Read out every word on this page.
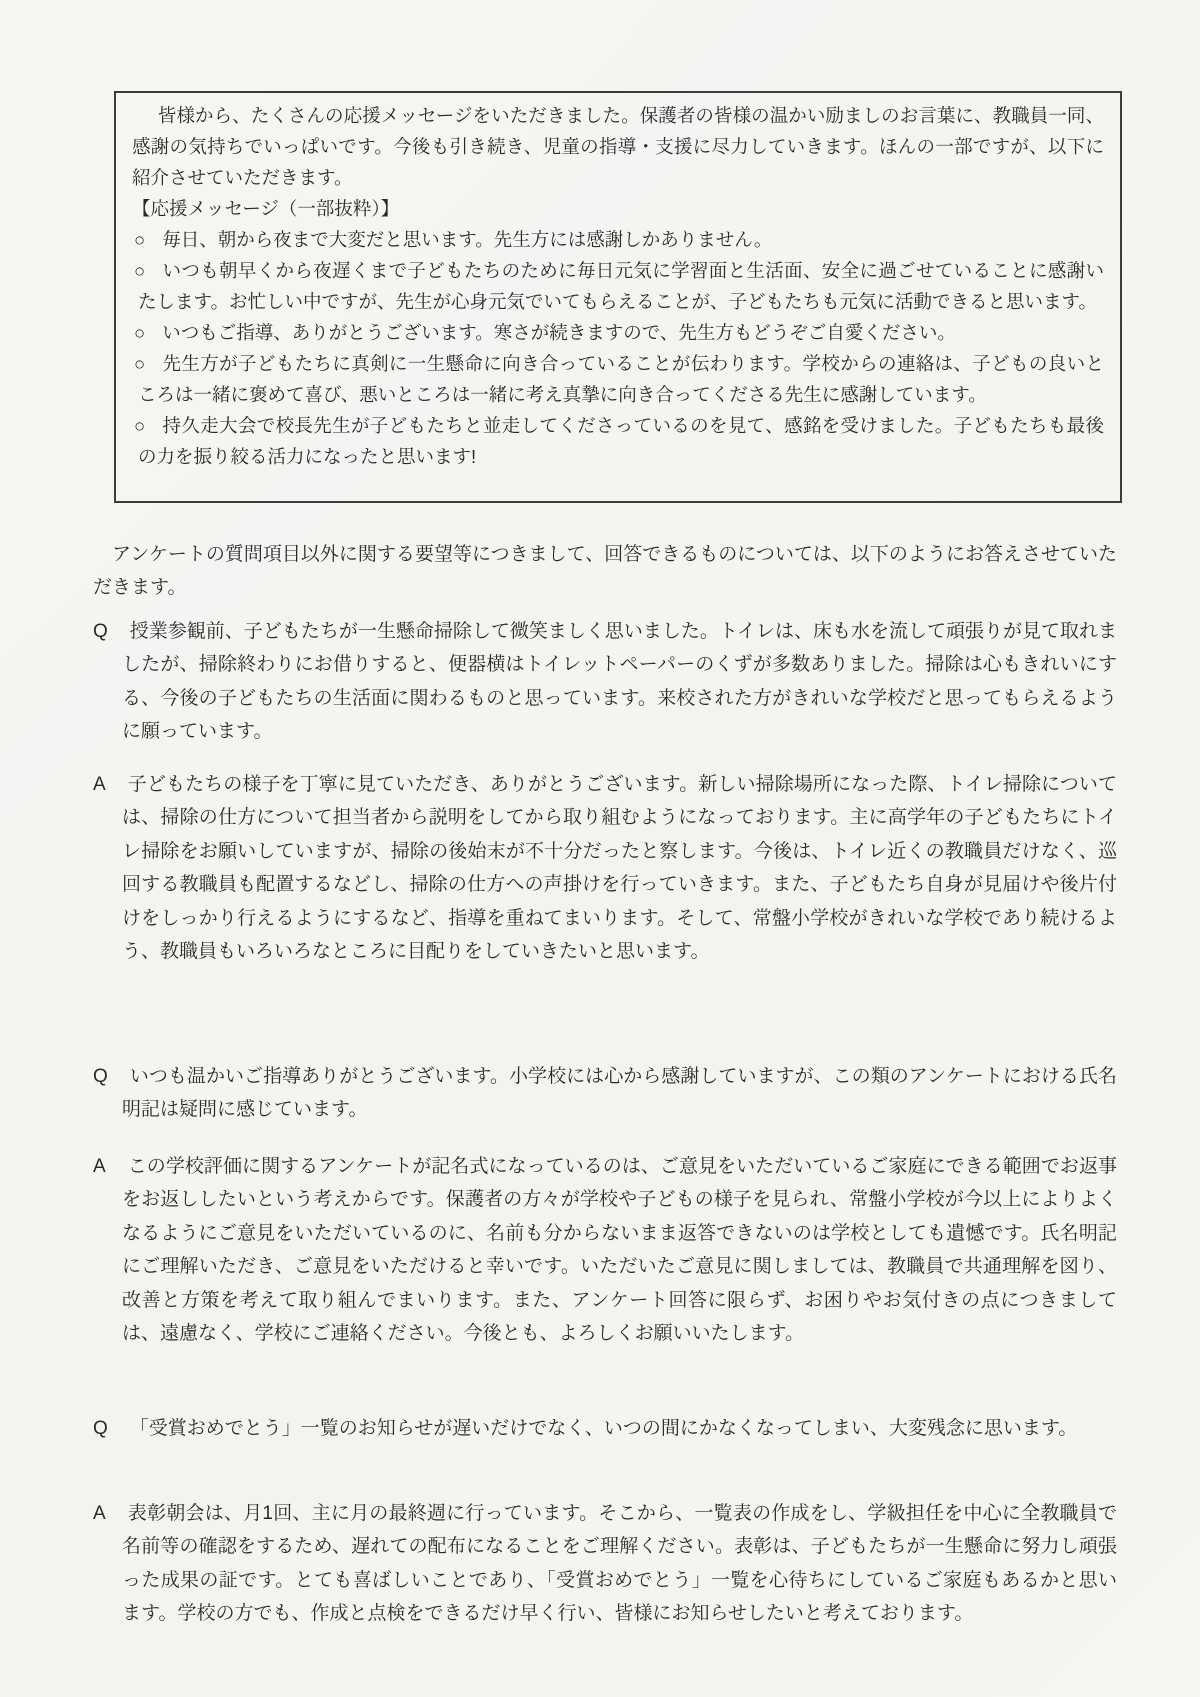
皆様から、たくさんの応援メッセージをいただきました。保護者の皆様の温かい励ましのお言葉に、教職員一同、感謝の気持ちでいっぱいです。今後も引き続き、児童の指導・支援に尽力していきます。ほんの一部ですが、以下に紹介させていただきます。

【応援メッセージ（一部抜粋）】

○ 毎日、朝から夜まで大変だと思います。先生方には感謝しかありません。

○ いつも朝早くから夜遅くまで子どもたちのために毎日元気に学習面と生活面、安全に過ごせていることに感謝いたします。お忙しい中ですが、先生が心身元気でいてもらえることが、子どもたちも元気に活動できると思います。

○ いつもご指導、ありがとうございます。寒さが続きますので、先生方もどうぞご自愛ください。

○ 先生方が子どもたちに真剣に一生懸命に向き合っていることが伝わります。学校からの連絡は、子どもの良いところは一緒に褒めて喜び、悪いところは一緒に考え真摯に向き合ってくださる先生に感謝しています。

○ 持久走大会で校長先生が子どもたちと並走してくださっているのを見て、感銘を受けました。子どもたちも最後の力を振り絞る活力になったと思います!

アンケートの質問項目以外に関する要望等につきまして、回答できるものについては、以下のようにお答えさせていただきます。

Q 授業参観前、子どもたちが一生懸命掃除して微笑ましく思いました。トイレは、床も水を流して頑張りが見て取れましたが、掃除終わりにお借りすると、便器横はトイレットペーパーのくずが多数ありました。掃除は心もきれいにする、今後の子どもたちの生活面に関わるものと思っています。来校された方がきれいな学校だと思ってもらえるように願っています。

A 子どもたちの様子を丁寧に見ていただき、ありがとうございます。新しい掃除場所になった際、トイレ掃除については、掃除の仕方について担当者から説明をしてから取り組むようになっております。主に高学年の子どもたちにトイレ掃除をお願いしていますが、掃除の後始末が不十分だったと察します。今後は、トイレ近くの教職員だけなく、巡回する教職員も配置するなどし、掃除の仕方への声掛けを行っていきます。また、子どもたち自身が見届けや後片付けをしっかり行えるようにするなど、指導を重ねてまいります。そして、常盤小学校がきれいな学校であり続けるよう、教職員もいろいろなところに目配りをしていきたいと思います。

Q いつも温かいご指導ありがとうございます。小学校には心から感謝していますが、この類のアンケートにおける氏名明記は疑問に感じています。

A この学校評価に関するアンケートが記名式になっているのは、ご意見をいただいているご家庭にできる範囲でお返事をお返ししたいという考えからです。保護者の方々が学校や子どもの様子を見られ、常盤小学校が今以上によりよくなるようにご意見をいただいているのに、名前も分からないまま返答できないのは学校としても遺憾です。氏名明記にご理解いただき、ご意見をいただけると幸いです。いただいたご意見に関しましては、教職員で共通理解を図り、改善と方策を考えて取り組んでまいります。また、アンケート回答に限らず、お困りやお気付きの点につきましては、遠慮なく、学校にご連絡ください。今後とも、よろしくお願いいたします。

Q 「受賞おめでとう」一覧のお知らせが遅いだけでなく、いつの間にかなくなってしまい、大変残念に思います。

A 表彰朝会は、月1回、主に月の最終週に行っています。そこから、一覧表の作成をし、学級担任を中心に全教職員で名前等の確認をするため、遅れての配布になることをご理解ください。表彰は、子どもたちが一生懸命に努力し頑張った成果の証です。とても喜ばしいことであり、「受賞おめでとう」一覧を心待ちにしているご家庭もあるかと思います。学校の方でも、作成と点検をできるだけ早く行い、皆様にお知らせしたいと考えております。
